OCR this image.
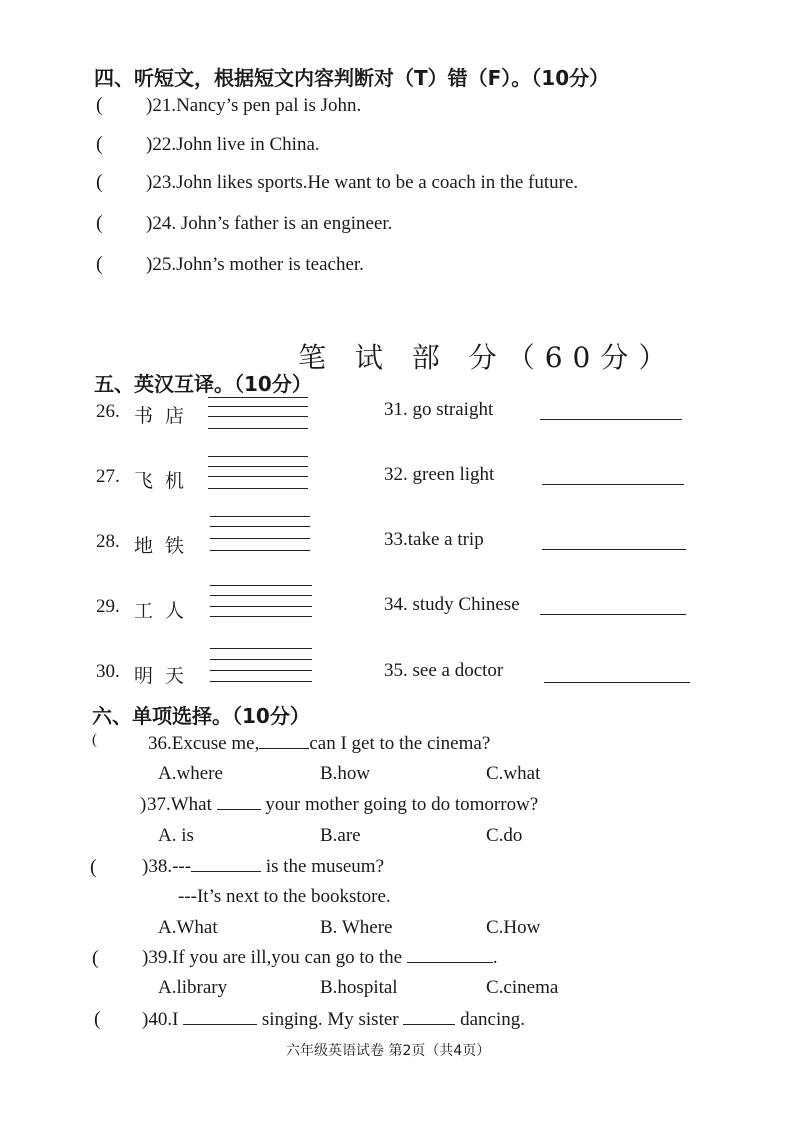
四、听短文，根据短文内容判断对（T）错（F）。（10分）
( )21.Nancy’s pen pal is John.
( )22.John live in China.
( )23.John likes sports.He want to be a coach in the future.
( )24. John’s father is an engineer.
( )25.John’s mother is teacher.
笔 试 部 分（60分）
五、英汉互译。（10分）
26. 书店
27. 飞机
28. 地铁
29. 工人
30. 明天
31. go straight
32. green light
33.take a trip
34. study Chinese
35. see a doctor
六、单项选择。（10分）
(	36.Excuse me,	can I get to the cinema?
A.where	B.how	C.what
) 37.What	your mother going to do tomorrow?
A. is	B.are	C.do
( )38.---	is the museum?
---It’s next to the bookstore.
A.What	B. Where	C.How
( )39.If you are ill,you can go to the	.
A.library	B.hospital	C.cinema
( )40.I	singing. My sister	dancing.
六年级英语试卷 第2页（共4页）
